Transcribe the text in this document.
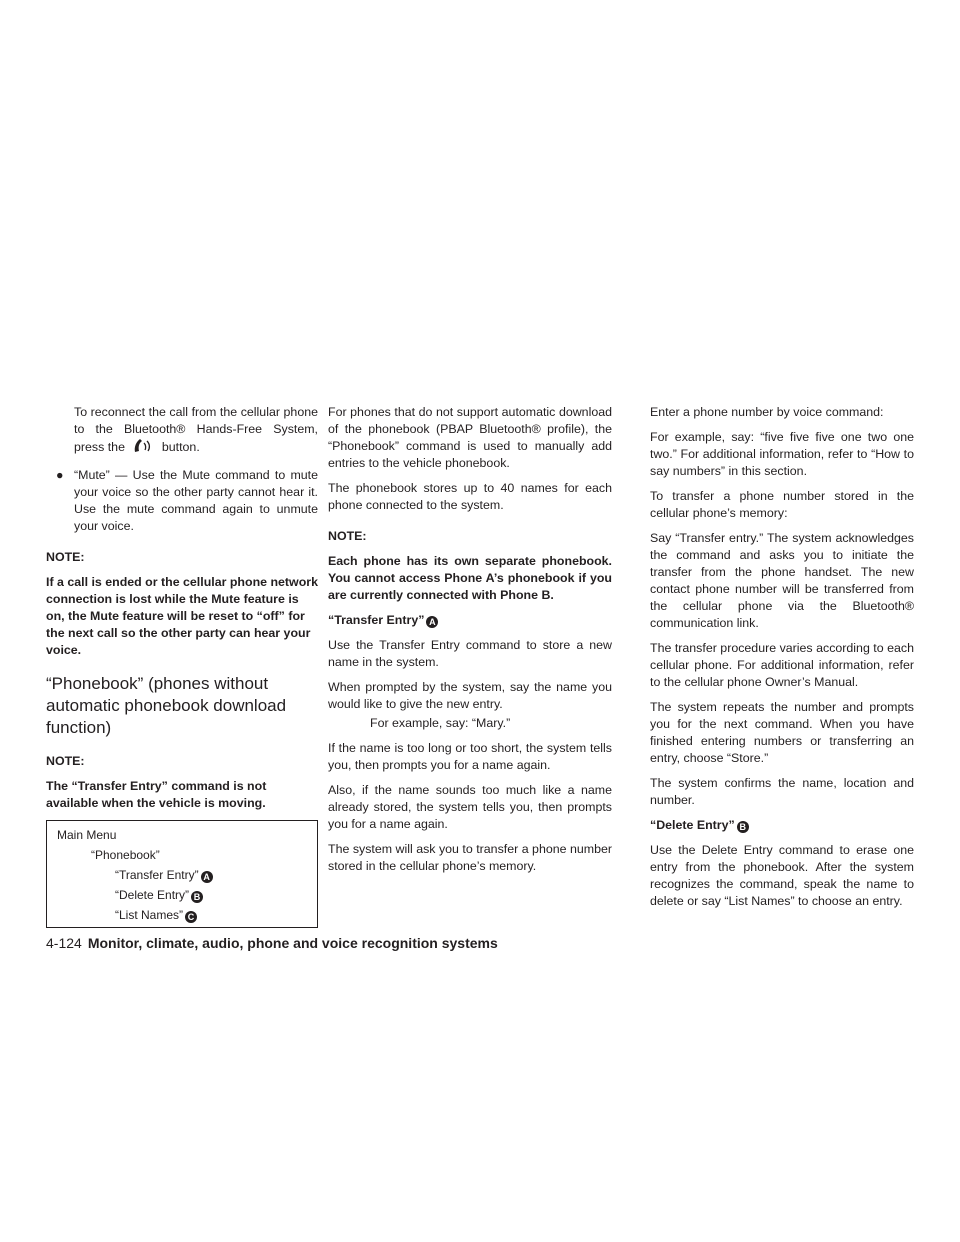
To reconnect the call from the cellular phone to the Bluetooth® Hands-Free System, press the	button.

● “Mute” — Use the Mute command to mute your voice so the other party cannot hear it. Use the mute command again to unmute your voice.

NOTE:

If a call is ended or the cellular phone network connection is lost while the Mute feature is on, the Mute feature will be reset to “off” for the next call so the other party can hear your voice.

“Phonebook” (phones without automatic phonebook download function)

NOTE:

The “Transfer Entry” command is not available when the vehicle is moving.

Main Menu
“Phonebook”
“Transfer Entry” A
“Delete Entry” B
“List Names” C

For phones that do not support automatic download of the phonebook (PBAP Bluetooth® profile), the “Phonebook” command is used to manually add entries to the vehicle phonebook.

The phonebook stores up to 40 names for each phone connected to the system.

NOTE:

Each phone has its own separate phonebook. You cannot access Phone A’s phonebook if you are currently connected with Phone B.

“Transfer Entry” A

Use the Transfer Entry command to store a new name in the system.

When prompted by the system, say the name you would like to give the new entry.

For example, say: “Mary.”

If the name is too long or too short, the system tells you, then prompts you for a name again.

Also, if the name sounds too much like a name already stored, the system tells you, then prompts you for a name again.

The system will ask you to transfer a phone number stored in the cellular phone’s memory.

Enter a phone number by voice command:

For example, say: “five five five one two one two.” For additional information, refer to “How to say numbers” in this section.

To transfer a phone number stored in the cellular phone’s memory:

Say “Transfer entry.” The system acknowledges the command and asks you to initiate the transfer from the phone handset. The new contact phone number will be transferred from the cellular phone via the Bluetooth® communication link.

The transfer procedure varies according to each cellular phone. For additional information, refer to the cellular phone Owner’s Manual.

The system repeats the number and prompts you for the next command. When you have finished entering numbers or transferring an entry, choose “Store.”

The system confirms the name, location and number.

“Delete Entry” B

Use the Delete Entry command to erase one entry from the phonebook. After the system recognizes the command, speak the name to delete or say “List Names” to choose an entry.

4-124 Monitor, climate, audio, phone and voice recognition systems
